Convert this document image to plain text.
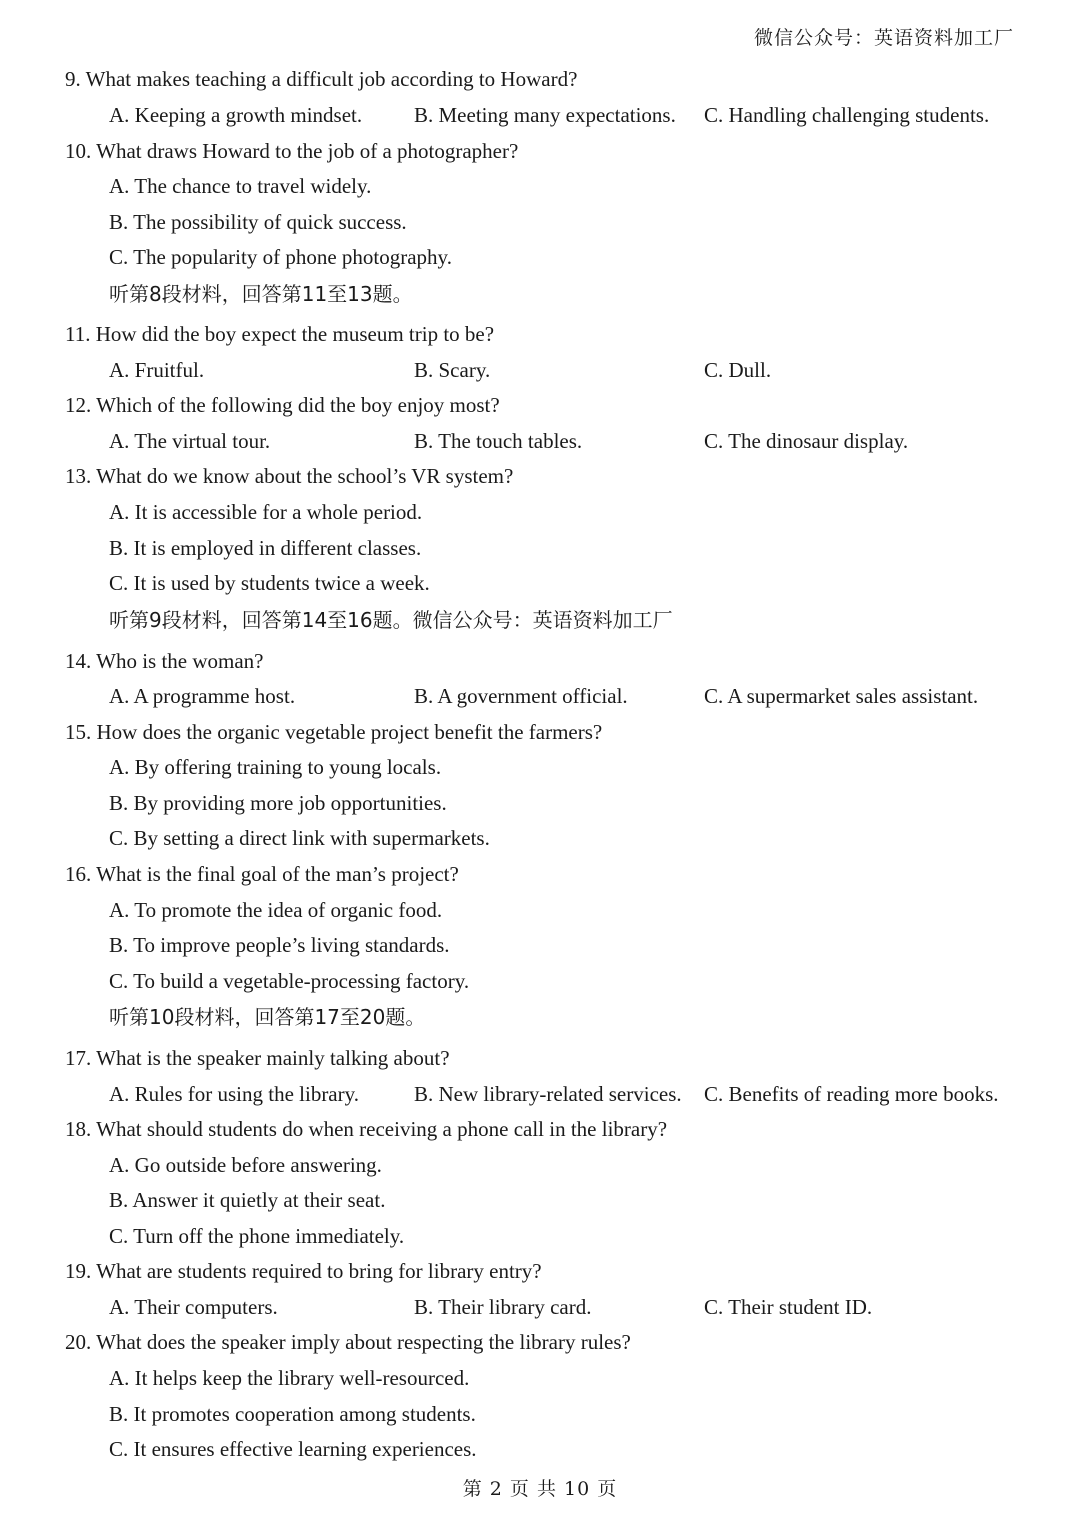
微信公众号：英语资料加工厂
9. What makes teaching a difficult job according to Howard?
A. Keeping a growth mindset. B. Meeting many expectations. C. Handling challenging students.
10. What draws Howard to the job of a photographer?
A. The chance to travel widely.
B. The possibility of quick success.
C. The popularity of phone photography.
听第8段材料，回答第11至13题。
11. How did the boy expect the museum trip to be?
A. Fruitful.	B. Scary.	C. Dull.
12. Which of the following did the boy enjoy most?
A. The virtual tour.	B. The touch tables.	C. The dinosaur display.
13. What do we know about the school’s VR system?
A. It is accessible for a whole period.
B. It is employed in different classes.
C. It is used by students twice a week.
听第9段材料，回答第14至16题。微信公众号：英语资料加工厂
14. Who is the woman?
A. A programme host.	B. A government official.	C. A supermarket sales assistant.
15. How does the organic vegetable project benefit the farmers?
A. By offering training to young locals.
B. By providing more job opportunities.
C. By setting a direct link with supermarkets.
16. What is the final goal of the man’s project?
A. To promote the idea of organic food.
B. To improve people’s living standards.
C. To build a vegetable-processing factory.
听第10段材料，回答第17至20题。
17. What is the speaker mainly talking about?
A. Rules for using the library.	B. New library-related services. C. Benefits of reading more books.
18. What should students do when receiving a phone call in the library?
A. Go outside before answering.
B. Answer it quietly at their seat.
C. Turn off the phone immediately.
19. What are students required to bring for library entry?
A. Their computers.	B. Their library card.	C. Their student ID.
20. What does the speaker imply about respecting the library rules?
A. It helps keep the library well-resourced.
B. It promotes cooperation among students.
C. It ensures effective learning experiences.
第 2 页 共 10 页
